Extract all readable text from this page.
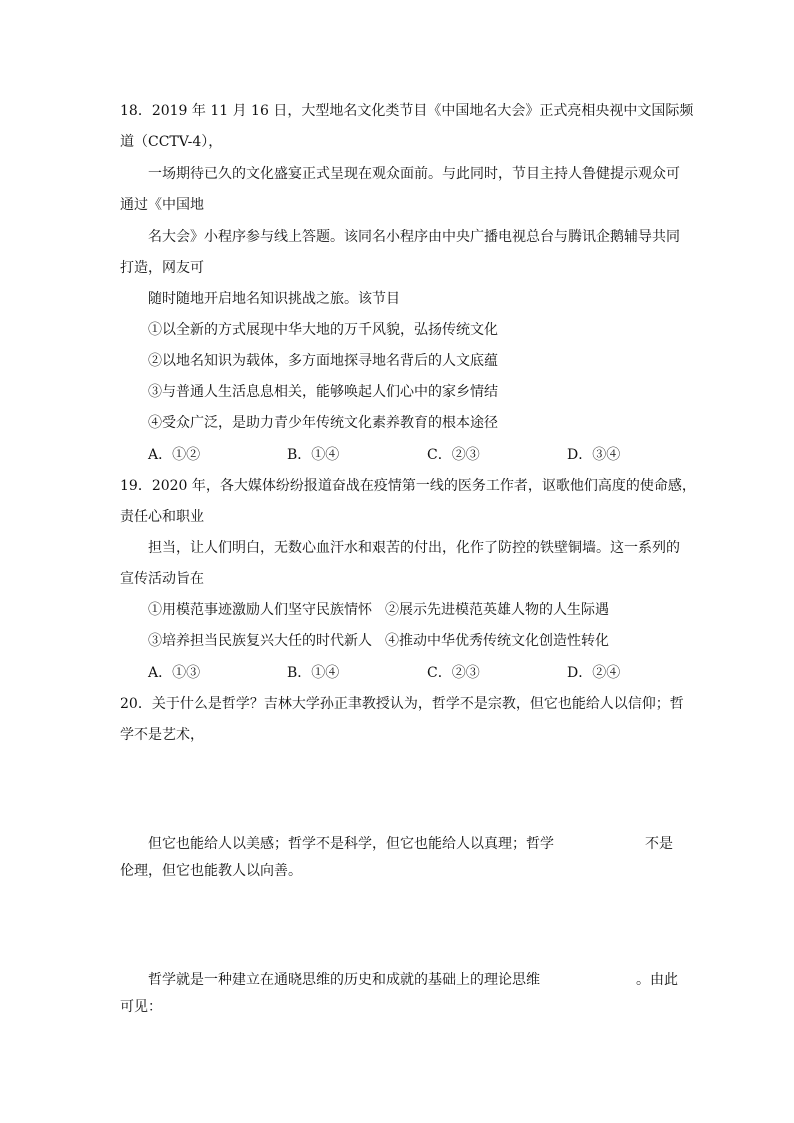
18．2019 年 11 月 16 日，大型地名文化类节目《中国地名大会》正式亮相央视中文国际频
道（CCTV-4），
一场期待已久的文化盛宴正式呈现在观众面前。与此同时，节目主持人鲁健提示观众可
通过《中国地
名大会》小程序参与线上答题。该同名小程序由中央广播电视总台与腾讯企鹅辅导共同
打造，网友可
随时随地开启地名知识挑战之旅。该节目
①以全新的方式展现中华大地的万千风貌，弘扬传统文化
②以地名知识为载体，多方面地探寻地名背后的人文底蕴
③与普通人生活息息相关，能够唤起人们心中的家乡情结
④受众广泛，是助力青少年传统文化素养教育的根本途径
A．①②	B．①④	C．②③	D．③④
19．2020 年，各大媒体纷纷报道奋战在疫情第一线的医务工作者，讴歌他们高度的使命感，
责任心和职业
担当，让人们明白，无数心血汗水和艰苦的付出，化作了防控的铁壁铜墙。这一系列的
宣传活动旨在
①用模范事迹激励人们坚守民族情怀 ②展示先进模范英雄人物的人生际遇
③培养担当民族复兴大任的时代新人 ④推动中华优秀传统文化创造性转化
A．①③	B．①④	C．②③	D．②④
20．关于什么是哲学？吉林大学孙正聿教授认为，哲学不是宗教，但它也能给人以信仰；哲
学不是艺术，
但它也能给人以美感；哲学不是科学，但它也能给人以真理；哲学	不是
伦理，但它也能教人以向善。
哲学就是一种建立在通晓思维的历史和成就的基础上的理论思维	。由此
可见：
